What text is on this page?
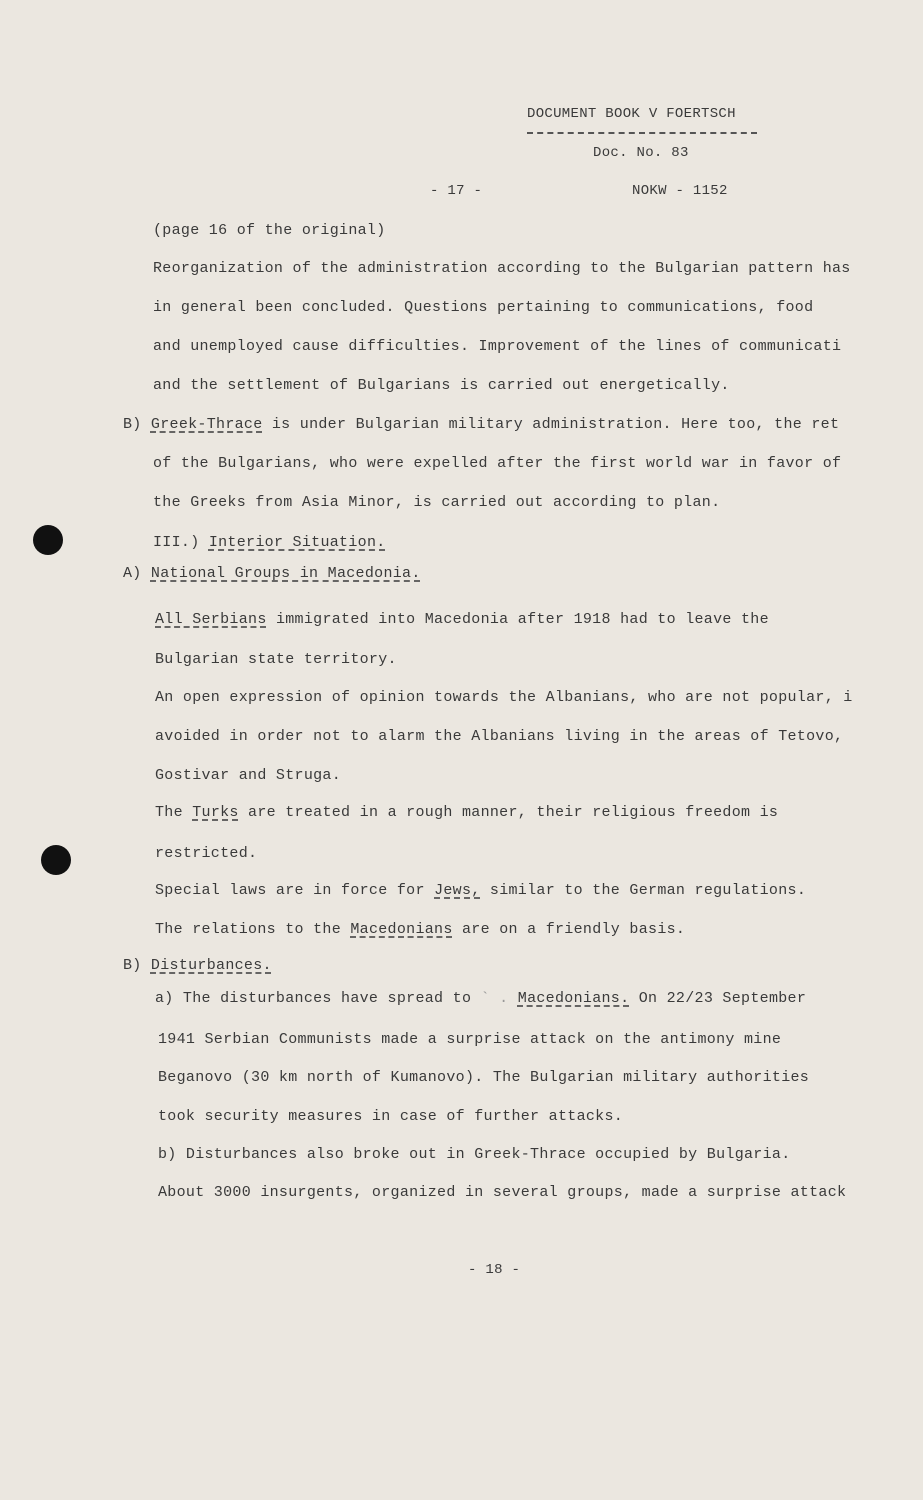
DOCUMENT BOOK V FOERTSCH
Doc. No. 83
- 17 -	NOKW - 1152
(page 16 of the original)
Reorganization of the administration according to the Bulgarian pattern has
in general been concluded. Questions pertaining to communications, food
and unemployed cause difficulties. Improvement of the lines of communicati
and the settlement of Bulgarians is carried out energetically.
B) Greek-Thrace is under Bulgarian military administration. Here too, the ret
of the Bulgarians, who were expelled after the first world war in favor of
the Greeks from Asia Minor, is carried out according to plan.
III.) Interior Situation.
A) National Groups in Macedonia.
All Serbians immigrated into Macedonia after 1918 had to leave the
Bulgarian state territory.
An open expression of opinion towards the Albanians, who are not popular, i
avoided in order not to alarm the Albanians living in the areas of Tetovo,
Gostivar and Struga.
The Turks are treated in a rough manner, their religious freedom is
restricted.
Special laws are in force for Jews, similar to the German regulations.
The relations to the Macedonians are on a friendly basis.
B) Disturbances.
a) The disturbances have spread to ` . Macedonians. On 22/23 September
1941 Serbian Communists made a surprise attack on the antimony mine
Beganovo (30 km north of Kumanovo). The Bulgarian military authorities
took security measures in case of further attacks.
b) Disturbances also broke out in Greek-Thrace occupied by Bulgaria.
About 3000 insurgents, organized in several groups, made a surprise attack
- 18 -
